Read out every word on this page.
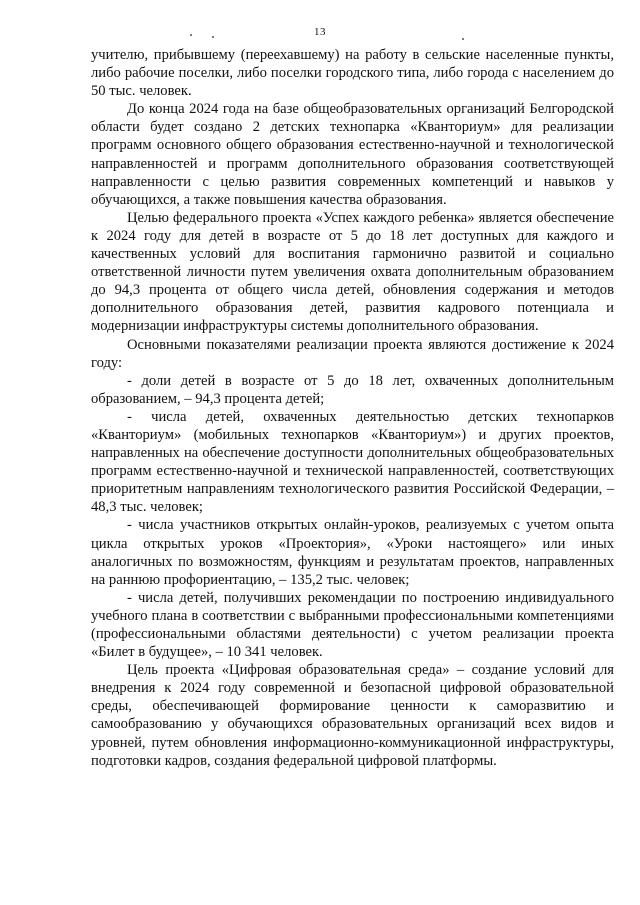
13

учителю, прибывшему (переехавшему) на работу в сельские населенные пункты, либо рабочие поселки, либо поселки городского типа, либо города с населением до 50 тыс. человек.

До конца 2024 года на базе общеобразовательных организаций Белгородской области будет создано 2 детских технопарка «Кванториум» для реализации программ основного общего образования естественно-научной и технологической направленностей и программ дополнительного образования соответствующей направленности с целью развития современных компетенций и навыков у обучающихся, а также повышения качества образования.

Целью федерального проекта «Успех каждого ребенка» является обеспечение к 2024 году для детей в возрасте от 5 до 18 лет доступных для каждого и качественных условий для воспитания гармонично развитой и социально ответственной личности путем увеличения охвата дополнительным образованием до 94,3 процента от общего числа детей, обновления содержания и методов дополнительного образования детей, развития кадрового потенциала и модернизации инфраструктуры системы дополнительного образования.

Основными показателями реализации проекта являются достижение к 2024 году:

- доли детей в возрасте от 5 до 18 лет, охваченных дополнительным образованием, – 94,3 процента детей;

- числа детей, охваченных деятельностью детских технопарков «Кванториум» (мобильных технопарков «Кванториум») и других проектов, направленных на обеспечение доступности дополнительных общеобразовательных программ естественно-научной и технической направленностей, соответствующих приоритетным направлениям технологического развития Российской Федерации, – 48,3 тыс. человек;

- числа участников открытых онлайн-уроков, реализуемых с учетом опыта цикла открытых уроков «Проектория», «Уроки настоящего» или иных аналогичных по возможностям, функциям и результатам проектов, направленных на раннюю профориентацию, – 135,2 тыс. человек;

- числа детей, получивших рекомендации по построению индивидуального учебного плана в соответствии с выбранными профессиональными компетенциями (профессиональными областями деятельности) с учетом реализации проекта «Билет в будущее», – 10 341 человек.

Цель проекта «Цифровая образовательная среда» – создание условий для внедрения к 2024 году современной и безопасной цифровой образовательной среды, обеспечивающей формирование ценности к саморазвитию и самообразованию у обучающихся образовательных организаций всех видов и уровней, путем обновления информационно-коммуникационной инфраструктуры, подготовки кадров, создания федеральной цифровой платформы.
